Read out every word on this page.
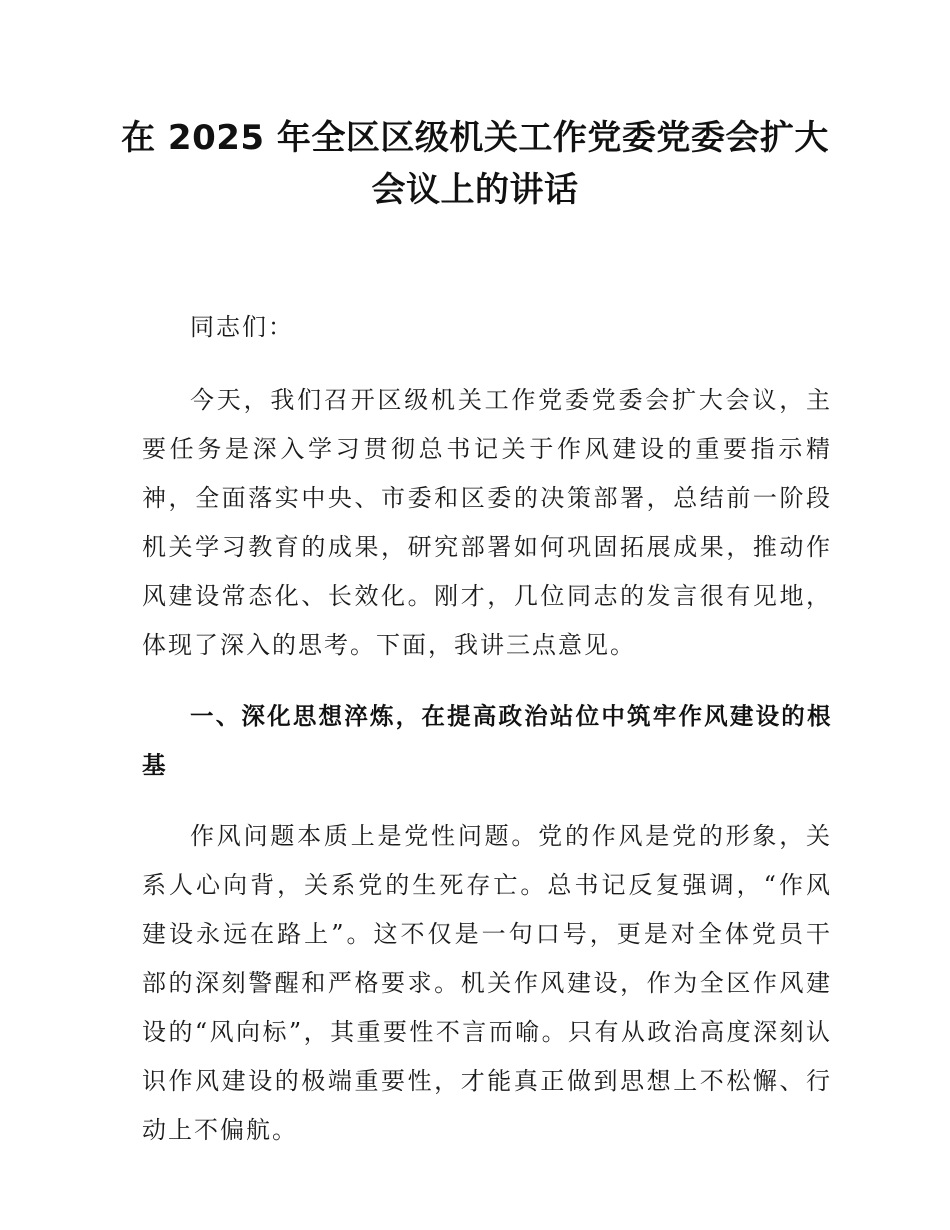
在 2025 年全区区级机关工作党委党委会扩大
会议上的讲话

同志们：

今天，我们召开区级机关工作党委党委会扩大会议，主要任务是深入学习贯彻总书记关于作风建设的重要指示精神，全面落实中央、市委和区委的决策部署，总结前一阶段机关学习教育的成果，研究部署如何巩固拓展成果，推动作风建设常态化、长效化。刚才，几位同志的发言很有见地，体现了深入的思考。下面，我讲三点意见。

一、深化思想淬炼，在提高政治站位中筑牢作风建设的根基

作风问题本质上是党性问题。党的作风是党的形象，关系人心向背，关系党的生死存亡。总书记反复强调，“作风建设永远在路上”。这不仅是一句口号，更是对全体党员干部的深刻警醒和严格要求。机关作风建设，作为全区作风建设的“风向标”，其重要性不言而喻。只有从政治高度深刻认识作风建设的极端重要性，才能真正做到思想上不松懈、行动上不偏航。
